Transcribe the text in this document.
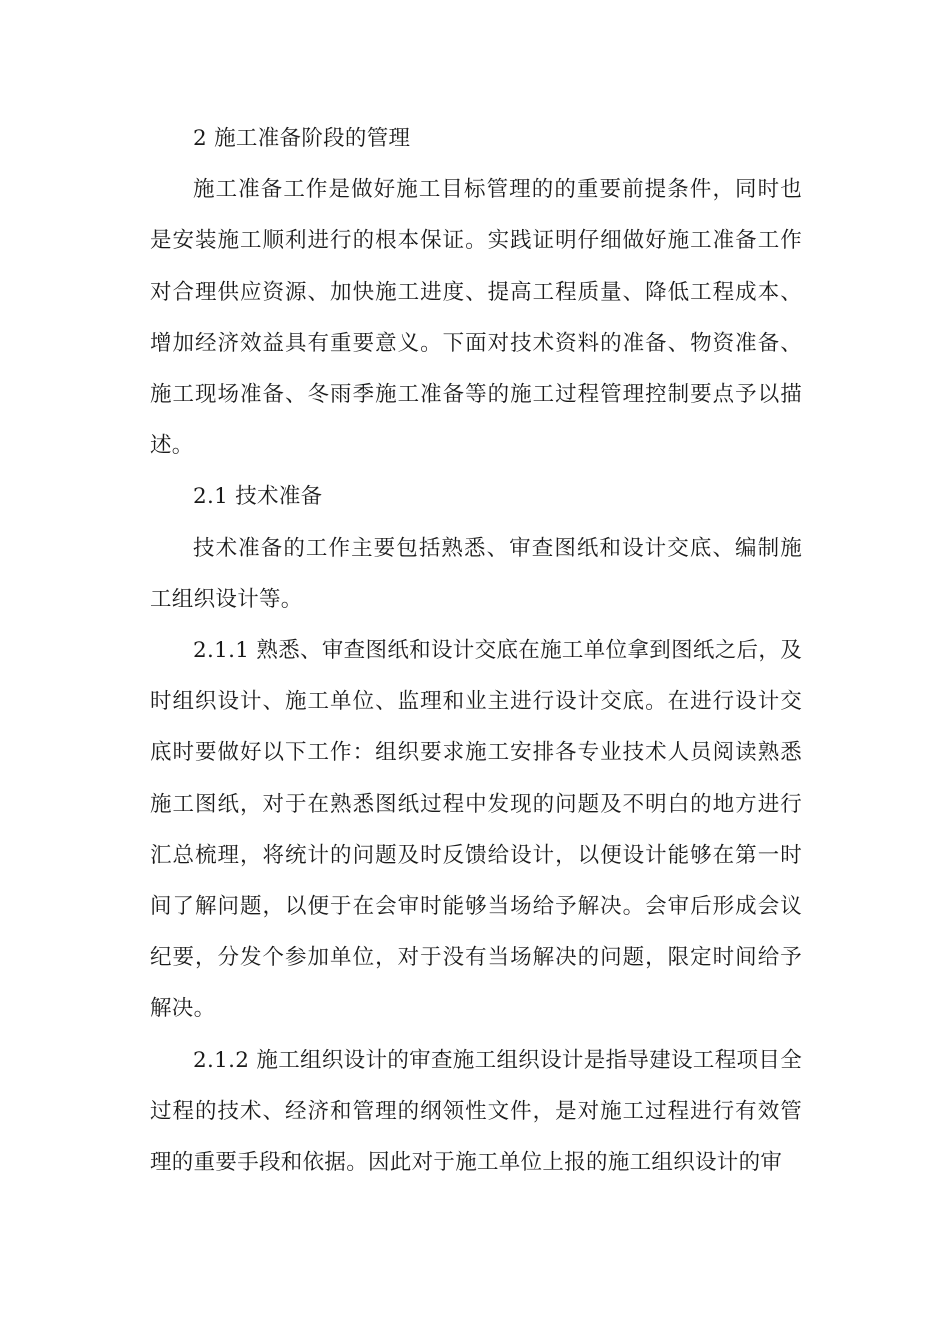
2 施工准备阶段的管理

施工准备工作是做好施工目标管理的的重要前提条件，同时也是安装施工顺利进行的根本保证。实践证明仔细做好施工准备工作对合理供应资源、加快施工进度、提高工程质量、降低工程成本、增加经济效益具有重要意义。下面对技术资料的准备、物资准备、施工现场准备、冬雨季施工准备等的施工过程管理控制要点予以描述。

2.1 技术准备

技术准备的工作主要包括熟悉、审查图纸和设计交底、编制施工组织设计等。

2.1.1 熟悉、审查图纸和设计交底在施工单位拿到图纸之后，及时组织设计、施工单位、监理和业主进行设计交底。在进行设计交底时要做好以下工作：组织要求施工安排各专业技术人员阅读熟悉施工图纸，对于在熟悉图纸过程中发现的问题及不明白的地方进行汇总梳理，将统计的问题及时反馈给设计，以便设计能够在第一时间了解问题，以便于在会审时能够当场给予解决。会审后形成会议纪要，分发个参加单位，对于没有当场解决的问题，限定时间给予解决。

2.1.2 施工组织设计的审查施工组织设计是指导建设工程项目全过程的技术、经济和管理的纲领性文件，是对施工过程进行有效管理的重要手段和依据。因此对于施工单位上报的施工组织设计的审
